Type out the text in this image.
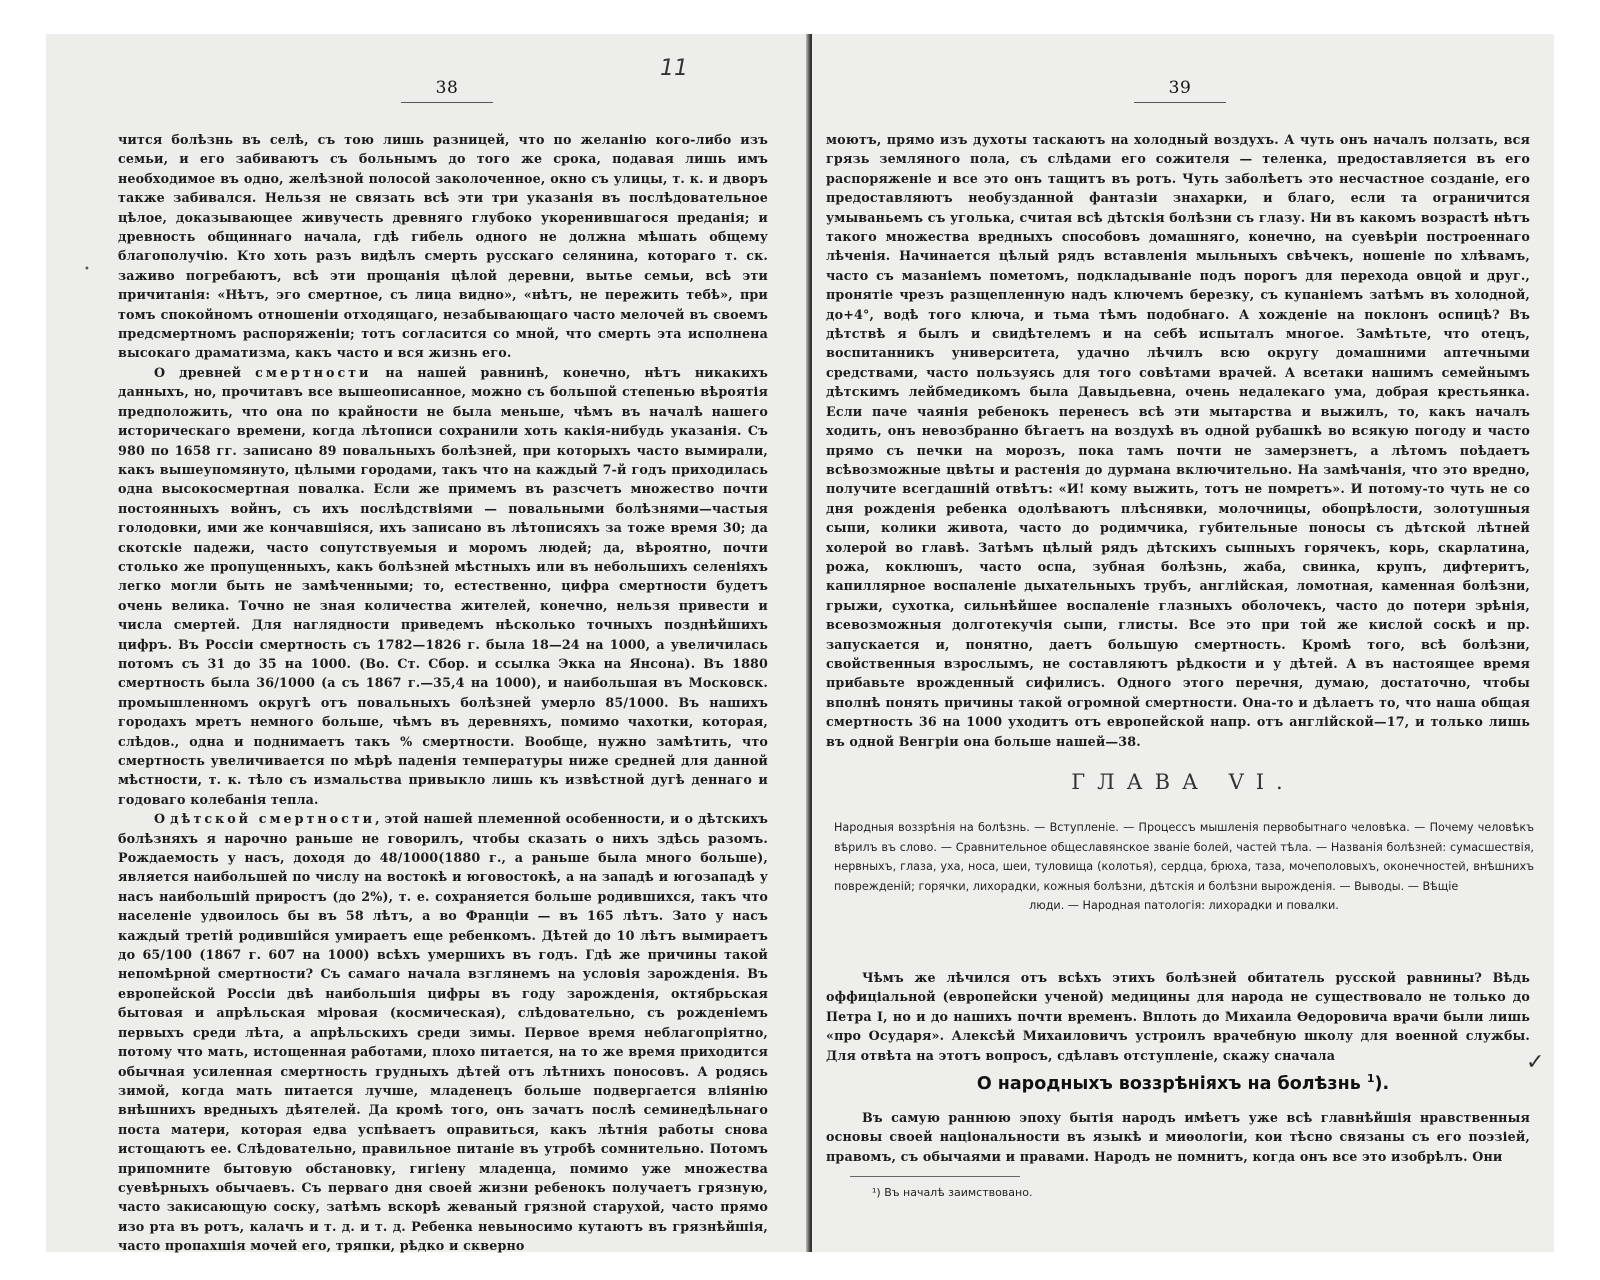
38
11
•

чится болѣзнь въ селѣ, съ тою лишь разницей, что по желанію кого-либо изъ семьи, и его забиваютъ съ больнымъ до того же срока, подавая лишь имъ необходимое въ одно, желѣзной полосой заколоченное, окно съ улицы, т. к. и дворъ также забивался. Нельзя не связать всѣ эти три указанія въ послѣдовательное цѣлое, доказывающее живучесть древняго глубоко укоренившагося преданія; и древность общиннаго начала, гдѣ гибель одного не должна мѣшать общему благополучію. Кто хоть разъ видѣлъ смерть русскаго селянина, котораго т. ск. заживо погребаютъ, всѣ эти прощанія цѣлой деревни, вытье семьи, всѣ эти причитанія: «Нѣтъ, эго смертное, съ лица видно», «нѣтъ, не пережить тебѣ», при томъ спокойномъ отношеніи отходящаго, незабывающаго часто мелочей въ своемъ предсмертномъ распоряженіи; тотъ согласится со мной, что смерть эта исполнена высокаго драматизма, какъ часто и вся жизнь его.

О древней смертности на нашей равнинѣ, конечно, нѣтъ никакихъ данныхъ, но, прочитавъ все вышеописанное, можно съ большой степенью вѣроятія предположить, что она по крайности не была меньше, чѣмъ въ началѣ нашего историческаго времени, когда лѣтописи сохранили хоть какія-нибудь указанія. Съ 980 по 1658 гг. записано 89 повальныхъ болѣзней, при которыхъ часто вымирали, какъ вышеупомянуто, цѣлыми городами, такъ что на каждый 7-й годъ приходилась одна высокосмертная повалка. Если же примемъ въ разсчетъ множество почти постоянныхъ войнъ, съ ихъ послѣдствіями — повальными болѣзнями—частыя голодовки, ими же кончавшіяся, ихъ записано въ лѣтописяхъ за тоже время 30; да скотскіе падежи, часто сопутствуемыя и моромъ людей; да, вѣроятно, почти столько же пропущенныхъ, какъ болѣзней мѣстныхъ или въ небольшихъ селеніяхъ легко могли быть не замѣченными; то, естественно, цифра смертности будетъ очень велика. Точно не зная количества жителей, конечно, нельзя привести и числа смертей. Для наглядности приведемъ нѣсколько точныхъ позднѣйшихъ цифръ. Въ Россіи смертность съ 1782—1826 г. была 18—24 на 1000, а увеличилась потомъ съ 31 до 35 на 1000. (Во. Ст. Сбор. и ссылка Экка на Янсона). Въ 1880 смертность была 36/1000 (а съ 1867 г.—35,4 на 1000), и наибольшая въ Московск. промышленномъ округѣ отъ повальныхъ болѣзней умерло 85/1000. Въ нашихъ городахъ мретъ немного больше, чѣмъ въ деревняхъ, помимо чахотки, которая, слѣдов., одна и поднимаетъ такъ % смертности. Вообще, нужно замѣтить, что смертность увеличивается по мѣрѣ паденія температуры ниже средней для данной мѣстности, т. к. тѣло съ измальства привыкло лишь къ извѣстной дугѣ деннаго и годоваго колебанія тепла.

О дѣтской смертности, этой нашей племенной особенности, и о дѣтскихъ болѣзняхъ я нарочно раньше не говорилъ, чтобы сказать о нихъ здѣсь разомъ. Рождаемость у насъ, доходя до 48/1000(1880 г., а раньше была много больше), является наибольшей по числу на востокѣ и юговостокѣ, а на западѣ и югозападѣ у насъ наибольшій приростъ (до 2%), т. е. сохраняется больше родившихся, такъ что населеніе удвоилось бы въ 58 лѣтъ, а во Франціи — въ 165 лѣтъ. Зато у насъ каждый третій родившійся умираетъ еще ребенкомъ. Дѣтей до 10 лѣтъ вымираетъ до 65/100 (1867 г. 607 на 1000) всѣхъ умершихъ въ годъ. Гдѣ же причины такой непомѣрной смертности? Съ самаго начала взглянемъ на условія зарожденія. Въ европейской Россіи двѣ наибольшія цифры въ году зарожденія, октябрьская бытовая и апрѣльская міровая (космическая), слѣдовательно, съ рожденіемъ первыхъ среди лѣта, а апрѣльскихъ среди зимы. Первое время неблагопріятно, потому что мать, истощенная работами, плохо питается, на то же время приходится обычная усиленная смертность грудныхъ дѣтей отъ лѣтнихъ поносовъ. А родясь зимой, когда мать питается лучше, младенецъ больше подвергается вліянію внѣшнихъ вредныхъ дѣятелей. Да кромѣ того, онъ зачатъ послѣ семинедѣльнаго поста матери, которая едва успѣваетъ оправиться, какъ лѣтнія работы снова истощаютъ ее. Слѣдовательно, правильное питаніе въ утробѣ сомнительно. Потомъ припомните бытовую обстановку, гигіену младенца, помимо уже множества суевѣрныхъ обычаевъ. Съ перваго дня своей жизни ребенокъ получаетъ грязную, часто закисающую соску, затѣмъ вскорѣ жеваный грязной старухой, часто прямо изо рта въ ротъ, калачъ и т. д. и т. д. Ребенка невыносимо кутаютъ въ грязнѣйшія, часто пропахшія мочей его, тряпки, рѣдко и скверно

39

моютъ, прямо изъ духоты таскаютъ на холодный воздухъ. А чуть онъ началъ ползать, вся грязь земляного пола, съ слѣдами его сожителя — теленка, предоставляется въ его распоряженіе и все это онъ тащитъ въ ротъ. Чуть заболѣетъ это несчастное созданіе, его предоставляютъ необузданной фантазіи знахарки, и благо, если та ограничится умываньемъ съ уголька, считая всѣ дѣтскія болѣзни съ глазу. Ни въ какомъ возрастѣ нѣтъ такого множества вредныхъ способовъ домашняго, конечно, на суевѣріи построеннаго лѣченія. Начинается цѣлый рядъ вставленія мыльныхъ свѣчекъ, ношеніе по хлѣвамъ, часто съ мазаніемъ пометомъ, подкладываніе подъ порогъ для перехода овцой и друг., пронятіе чрезъ разщепленную надъ ключемъ березку, съ купаніемъ затѣмъ въ холодной, до+4°, водѣ того ключа, и тьма тѣмъ подобнаго. А хожденіе на поклонъ оспицѣ? Въ дѣтствѣ я былъ и свидѣтелемъ и на себѣ испыталъ многое. Замѣтьте, что отецъ, воспитанникъ университета, удачно лѣчилъ всю округу домашними аптечными средствами, часто пользуясь для того совѣтами врачей. А всетаки нашимъ семейнымъ дѣтскимъ лейбмедикомъ была Давыдьевна, очень недалекаго ума, добрая крестьянка. Если паче чаянія ребенокъ перенесъ всѣ эти мытарства и выжилъ, то, какъ началъ ходить, онъ невозбранно бѣгаетъ на воздухѣ въ одной рубашкѣ во всякую погоду и часто прямо съ печки на морозъ, пока тамъ почти не замерзнетъ, а лѣтомъ поѣдаетъ всѣвозможные цвѣты и растенія до дурмана включительно. На замѣчанія, что это вредно, получите всегдашній отвѣтъ: «И! кому выжить, тотъ не помретъ». И потому-то чуть не со дня рожденія ребенка одолѣваютъ плѣснявки, молочницы, обопрѣлости, золотушныя сыпи, колики живота, часто до родимчика, губительные поносы съ дѣтской лѣтней холерой во главѣ. Затѣмъ цѣлый рядъ дѣтскихъ сыпныхъ горячекъ, корь, скарлатина, рожа, коклюшъ, часто оспа, зубная болѣзнь, жаба, свинка, крупъ, дифтеритъ, капиллярное воспаленіе дыхательныхъ трубъ, англійская, ломотная, каменная болѣзни, грыжи, сухотка, сильнѣйшее воспаленіе глазныхъ оболочекъ, часто до потери зрѣнія, всевозможныя долготекучія сыпи, глисты. Все это при той же кислой соскѣ и пр. запускается и, понятно, даетъ большую смертность. Кромѣ того, всѣ болѣзни, свойственныя взрослымъ, не составляютъ рѣдкости и у дѣтей. А въ настоящее время прибавьте врожденный сифилисъ. Одного этого перечня, думаю, достаточно, чтобы вполнѣ понять причины такой огромной смертности. Она-то и дѣлаетъ то, что наша общая смертность 36 на 1000 уходитъ отъ европейской напр. отъ англійской—17, и только лишь въ одной Венгріи она больше нашей—38.

ГЛАВА VI.
Народныя воззрѣнія на болѣзнь. — Вступленіе. — Процессъ мышленія первобытнаго человѣка. — Почему человѣкъ вѣрилъ въ слово. — Сравнительное общеславянское званіе болей, частей тѣла. — Названія болѣзней: сумасшествія, нервныхъ, глаза, уха, носа, шеи, туловища (колотья), сердца, брюха, таза, мочеполовыхъ, оконечностей, внѣшнихъ поврежденій; горячки, лихорадки, кожныя болѣзни, дѣтскія и болѣзни вырожденія. — Выводы. — Вѣщіе
люди. — Народная патологія: лихорадки и повалки.

Чѣмъ же лѣчился отъ всѣхъ этихъ болѣзней обитатель русской равнины? Вѣдь оффиціальной (европейски ученой) медицины для народа не существовало не только до Петра I, но и до нашихъ почти временъ. Вплоть до Михаила Ѳедоровича врачи были лишь «про Осударя». Алексѣй Михаиловичъ устроилъ врачебную школу для военной службы. Для отвѣта на этотъ вопросъ, сдѣлавъ отступленіе, скажу сначала

О народныхъ воззрѣніяхъ на болѣзнь $^1$).

Въ самую раннюю эпоху бытія народъ имѣетъ уже всѣ главнѣйшія нравственныя основы своей національности въ языкѣ и миѳологіи, кои тѣсно связаны съ его поэзіей, правомъ, съ обычаями и правами. Народъ не помнитъ, когда онъ все это изобрѣлъ. Они

¹) Въ началѣ заимствовано.
✓
